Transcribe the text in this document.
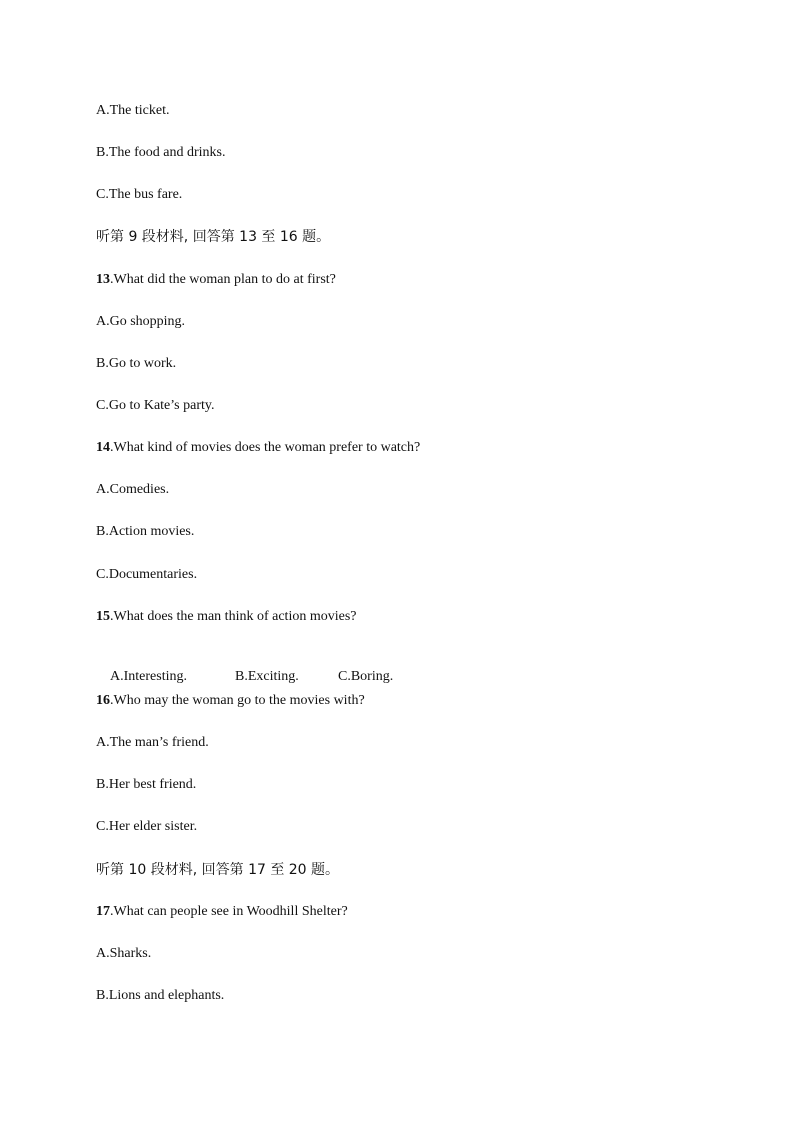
A.The ticket.
B.The food and drinks.
C.The bus fare.
听第 9 段材料, 回答第 13 至 16 题。
13.What did the woman plan to do at first?
A.Go shopping.
B.Go to work.
C.Go to Kate’s party.
14.What kind of movies does the woman prefer to watch?
A.Comedies.
B.Action movies.
C.Documentaries.
15.What does the man think of action movies?

A.Interesting.	B.Exciting.	C.Boring.

16.Who may the woman go to the movies with?
A.The man’s friend.
B.Her best friend.
C.Her elder sister.
听第 10 段材料, 回答第 17 至 20 题。
17.What can people see in Woodhill Shelter?
A.Sharks.
B.Lions and elephants.
